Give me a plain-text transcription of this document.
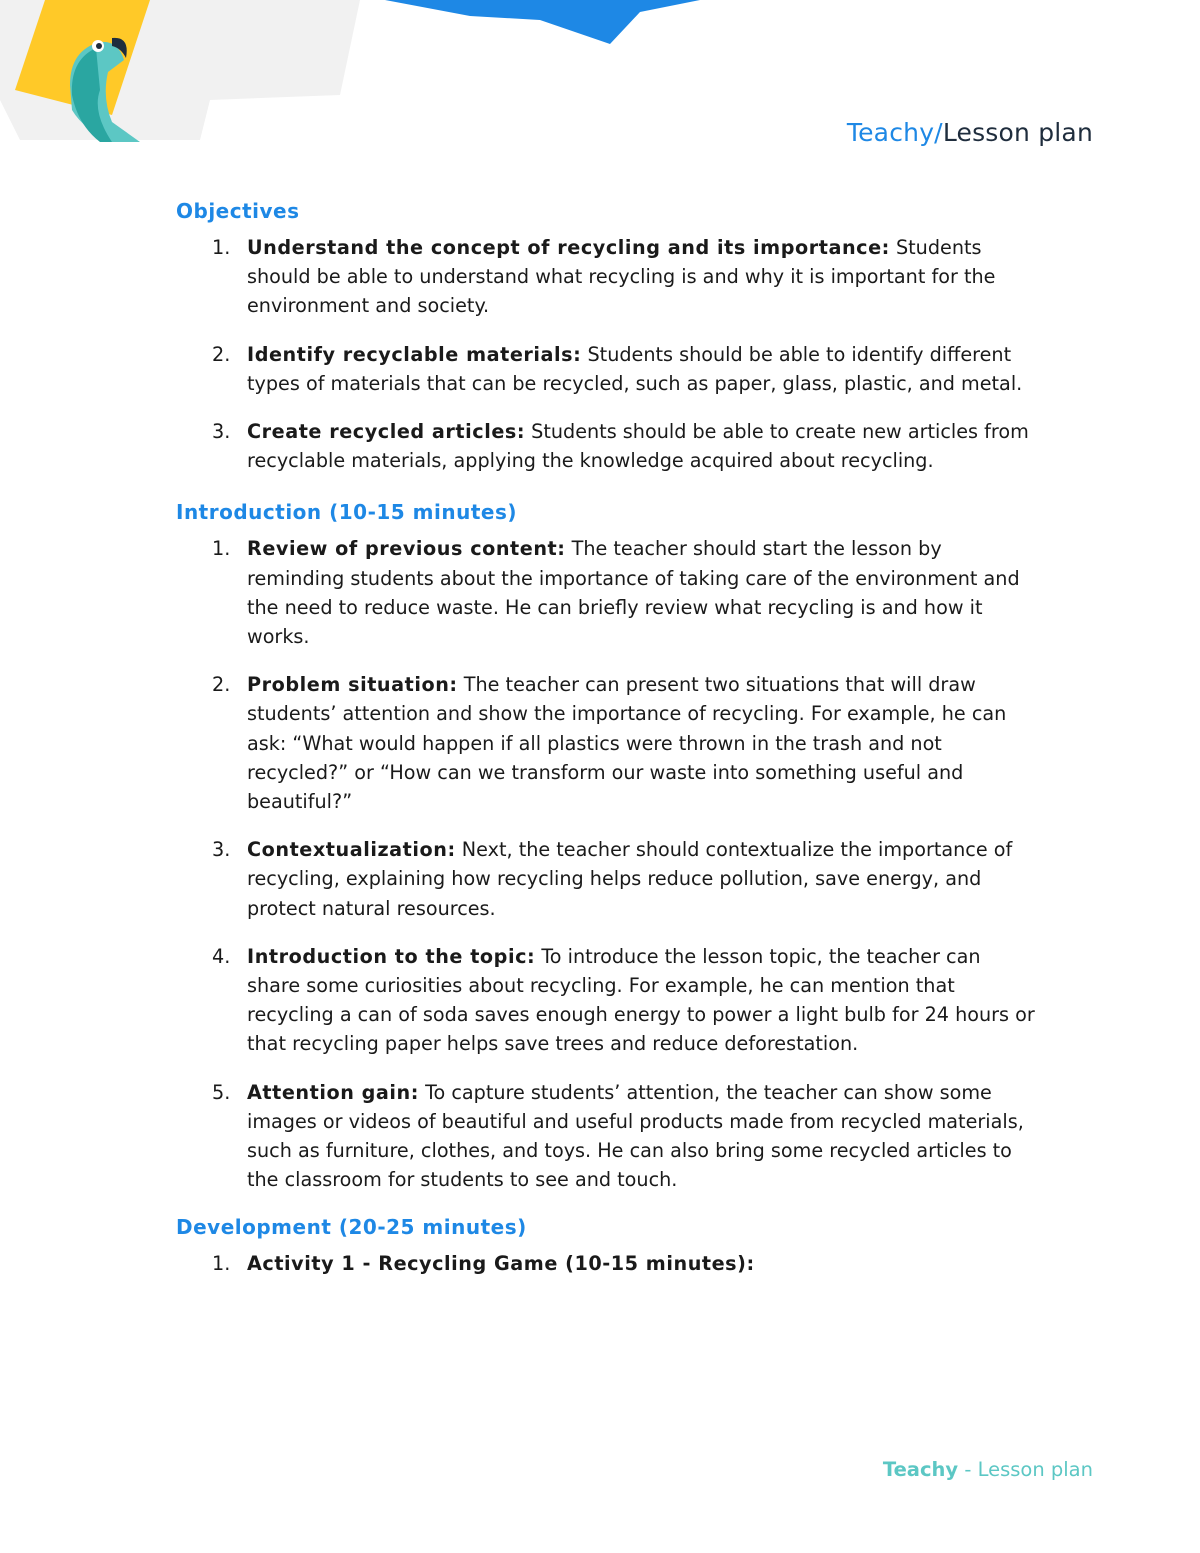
Teachy/Lesson plan
Objectives
1. Understand the concept of recycling and its importance: Students should be able to understand what recycling is and why it is important for the environment and society.
2. Identify recyclable materials: Students should be able to identify different types of materials that can be recycled, such as paper, glass, plastic, and metal.
3. Create recycled articles: Students should be able to create new articles from recyclable materials, applying the knowledge acquired about recycling.
Introduction (10-15 minutes)
1. Review of previous content: The teacher should start the lesson by reminding students about the importance of taking care of the environment and the need to reduce waste. He can briefly review what recycling is and how it works.
2. Problem situation: The teacher can present two situations that will draw students’ attention and show the importance of recycling. For example, he can ask: “What would happen if all plastics were thrown in the trash and not recycled?” or “How can we transform our waste into something useful and beautiful?”
3. Contextualization: Next, the teacher should contextualize the importance of recycling, explaining how recycling helps reduce pollution, save energy, and protect natural resources.
4. Introduction to the topic: To introduce the lesson topic, the teacher can share some curiosities about recycling. For example, he can mention that recycling a can of soda saves enough energy to power a light bulb for 24 hours or that recycling paper helps save trees and reduce deforestation.
5. Attention gain: To capture students’ attention, the teacher can show some images or videos of beautiful and useful products made from recycled materials, such as furniture, clothes, and toys. He can also bring some recycled articles to the classroom for students to see and touch.
Development (20-25 minutes)
1. Activity 1 - Recycling Game (10-15 minutes):
Teachy - Lesson plan
